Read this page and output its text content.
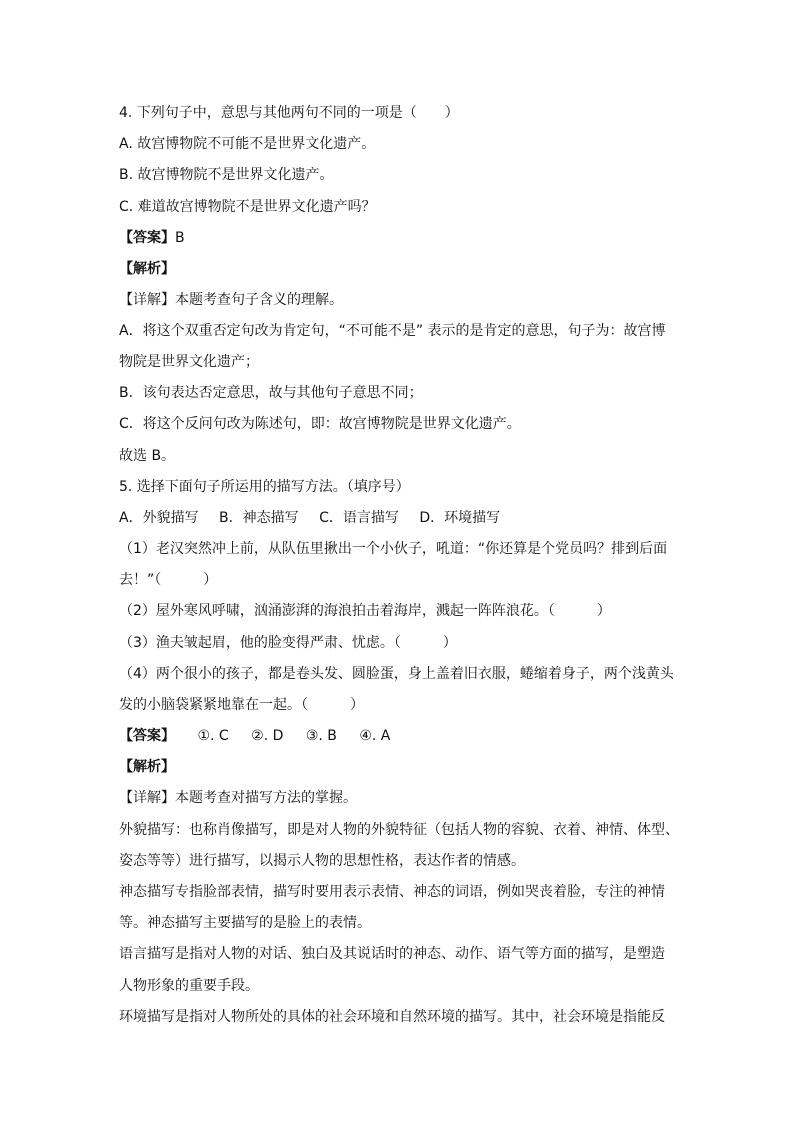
4. 下列句子中，意思与其他两句不同的一项是（　　）
A. 故宫博物院不可能不是世界文化遗产。
B. 故宫博物院不是世界文化遗产。
C. 难道故宫博物院不是世界文化遗产吗？
【答案】B
【解析】
【详解】本题考查句子含义的理解。
A．将这个双重否定句改为肯定句，“不可能不是” 表示的是肯定的意思，句子为：故宫博
物院是世界文化遗产；
B．该句表达否定意思，故与其他句子意思不同；
C．将这个反问句改为陈述句，即：故宫博物院是世界文化遗产。
故选 B。
5. 选择下面句子所运用的描写方法。（填序号）
A．外貌描写 B．神态描写 C．语言描写 D．环境描写
（1）老汉突然冲上前，从队伍里揪出一个小伙子，吼道：“你还算是个党员吗？排到后面
去！”（　　　）
（2）屋外寒风呼啸，汹涌澎湃的海浪拍击着海岸，溅起一阵阵浪花。（　　　）
（3）渔夫皱起眉，他的脸变得严肃、忧虑。（　　　）
（4）两个很小的孩子，都是卷头发、圆脸蛋，身上盖着旧衣服，蜷缩着身子，两个浅黄头
发的小脑袋紧紧地靠在一起。（　　　）
【答案】 ①. C ②. D ③. B ④. A
【解析】
【详解】本题考查对描写方法的掌握。
外貌描写：也称肖像描写，即是对人物的外貌特征（包括人物的容貌、衣着、神情、体型、
姿态等等）进行描写，以揭示人物的思想性格，表达作者的情感。
神态描写专指脸部表情，描写时要用表示表情、神态的词语，例如哭丧着脸，专注的神情
等。神态描写主要描写的是脸上的表情。
语言描写是指对人物的对话、独白及其说话时的神态、动作、语气等方面的描写，是塑造
人物形象的重要手段。
环境描写是指对人物所处的具体的社会环境和自然环境的描写。其中，社会环境是指能反
